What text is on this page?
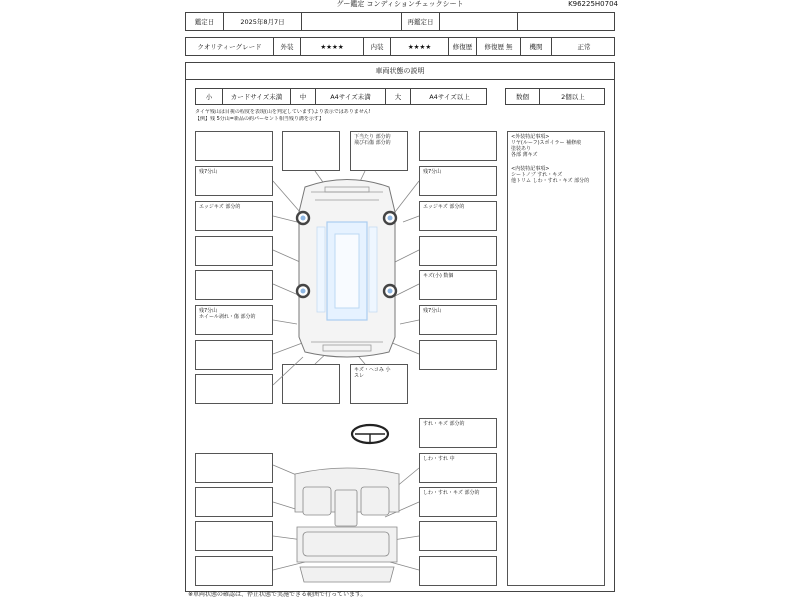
グー鑑定 コンディションチェックシート	K96225H0704
鑑定日	2025年8月7日	再鑑定日
クオリティーグレード	外装	★★★★	内装	★★★★	修復歴	修復歴 無	機関	正常
車両状態の説明
小	カードサイズ未満	中	A4サイズ未満	大	A4サイズ以上	数個	2個以上
タイヤ残山は目視の程度を表現(山を判定しています)より表示ではありません!
【例】残 5分山=新品の約パーセント相当残り溝を示す】
<外装特記事項>
リヤ(ルーフ)スポイラー 補修痕
塗装あり
各部 薄キズ
<内装特記事項>
シートノブ すれ・キズ
他トリム しわ・すれ・キズ 部分的
残7分山
エッジキズ 部分的
残7分山
ホイール剥れ・傷 部分的
残7分山
エッジキズ 部分的
キズ(小) 数個
残7分山
下当たり 部分的
飛び石傷 部分的
キズ・ヘコみ 小
スレ
すれ・キズ 部分的
しわ・すれ 中
しわ・すれ・キズ 部分的
※車両状態の確認は、停止状態で実施できる範囲で行っています。
